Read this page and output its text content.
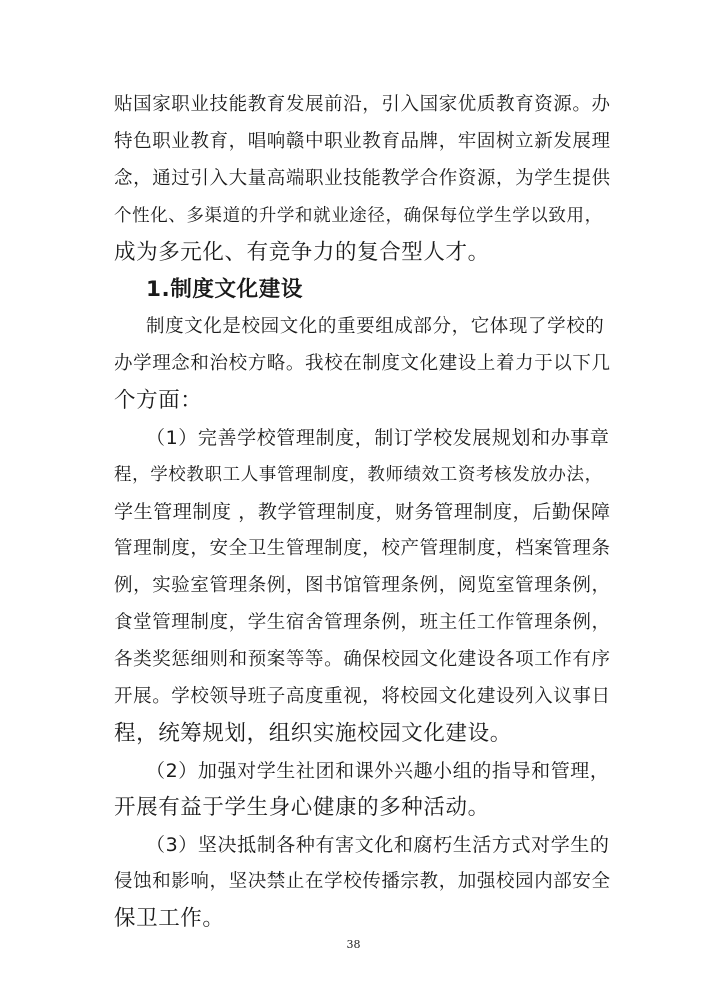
贴国家职业技能教育发展前沿，引入国家优质教育资源。办
特色职业教育，唱响赣中职业教育品牌，牢固树立新发展理
念，通过引入大量高端职业技能教学合作资源，为学生提供
个性化、多渠道的升学和就业途径，确保每位学生学以致用，
成为多元化、有竞争力的复合型人才。
1.制度文化建设
制度文化是校园文化的重要组成部分，它体现了学校的
办学理念和治校方略。我校在制度文化建设上着力于以下几
个方面：
（1）完善学校管理制度，制订学校发展规划和办事章
程，学校教职工人事管理制度，教师绩效工资考核发放办法，
学生管理制度 ，教学管理制度，财务管理制度，后勤保障
管理制度，安全卫生管理制度，校产管理制度，档案管理条
例，实验室管理条例，图书馆管理条例，阅览室管理条例，
食堂管理制度，学生宿舍管理条例，班主任工作管理条例，
各类奖惩细则和预案等等。确保校园文化建设各项工作有序
开展。学校领导班子高度重视，将校园文化建设列入议事日
程，统筹规划，组织实施校园文化建设。
（2）加强对学生社团和课外兴趣小组的指导和管理，
开展有益于学生身心健康的多种活动。
（3）坚决抵制各种有害文化和腐朽生活方式对学生的
侵蚀和影响，坚决禁止在学校传播宗教，加强校园内部安全
保卫工作。
38
